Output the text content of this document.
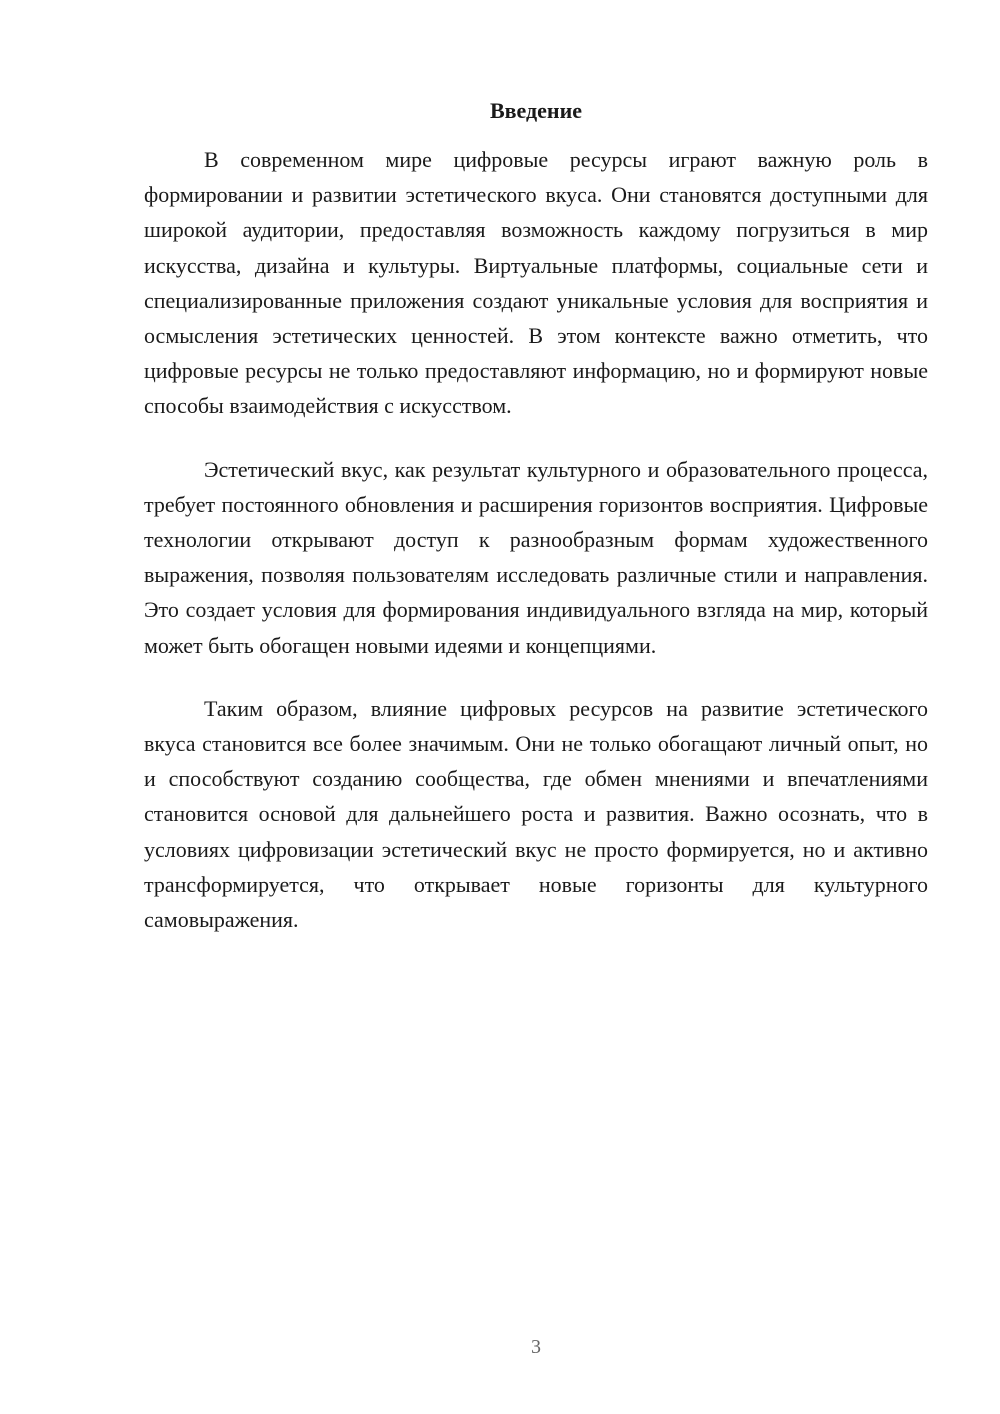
Введение

В современном мире цифровые ресурсы играют важную роль в формировании и развитии эстетического вкуса. Они становятся доступными для широкой аудитории, предоставляя возможность каждому погрузиться в мир искусства, дизайна и культуры. Виртуальные платформы, социальные сети и специализированные приложения создают уникальные условия для восприятия и осмысления эстетических ценностей. В этом контексте важно отметить, что цифровые ресурсы не только предоставляют информацию, но и формируют новые способы взаимодействия с искусством.

Эстетический вкус, как результат культурного и образовательного процесса, требует постоянного обновления и расширения горизонтов восприятия. Цифровые технологии открывают доступ к разнообразным формам художественного выражения, позволяя пользователям исследовать различные стили и направления. Это создает условия для формирования индивидуального взгляда на мир, который может быть обогащен новыми идеями и концепциями.

Таким образом, влияние цифровых ресурсов на развитие эстетического вкуса становится все более значимым. Они не только обогащают личный опыт, но и способствуют созданию сообщества, где обмен мнениями и впечатлениями становится основой для дальнейшего роста и развития. Важно осознать, что в условиях цифровизации эстетический вкус не просто формируется, но и активно трансформируется, что открывает новые горизонты для культурного самовыражения.

3
